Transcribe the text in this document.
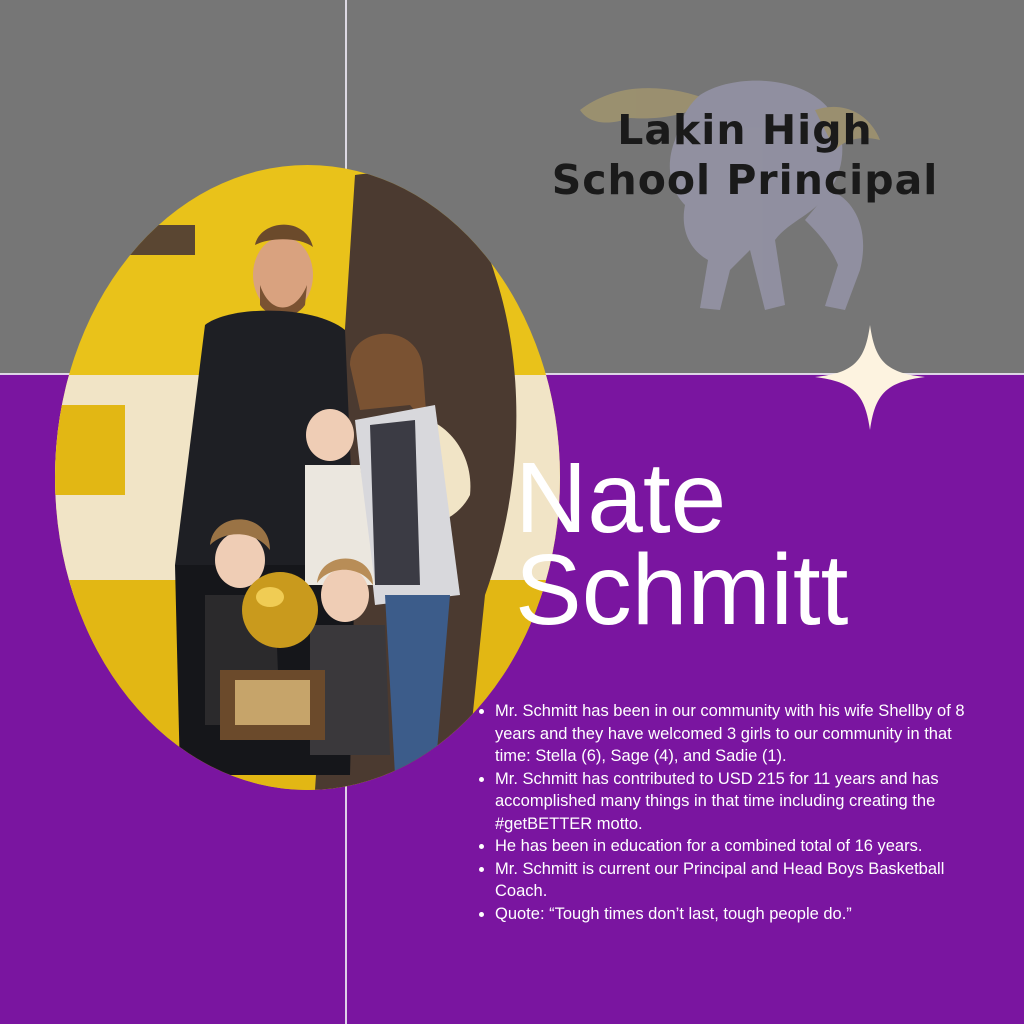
Lakin High School Principal
Nate
Schmitt
• Mr. Schmitt has been in our community with his wife Shellby of 8 years and they have welcomed 3 girls to our community in that time: Stella (6), Sage (4), and Sadie (1).
• Mr. Schmitt has contributed to USD 215 for 11 years and has accomplished many things in that time including creating the #getBETTER motto.
• He has been in education for a combined total of 16 years.
• Mr. Schmitt is current our Principal and Head Boys Basketball Coach.
• Quote: “Tough times don’t last, tough people do.”
